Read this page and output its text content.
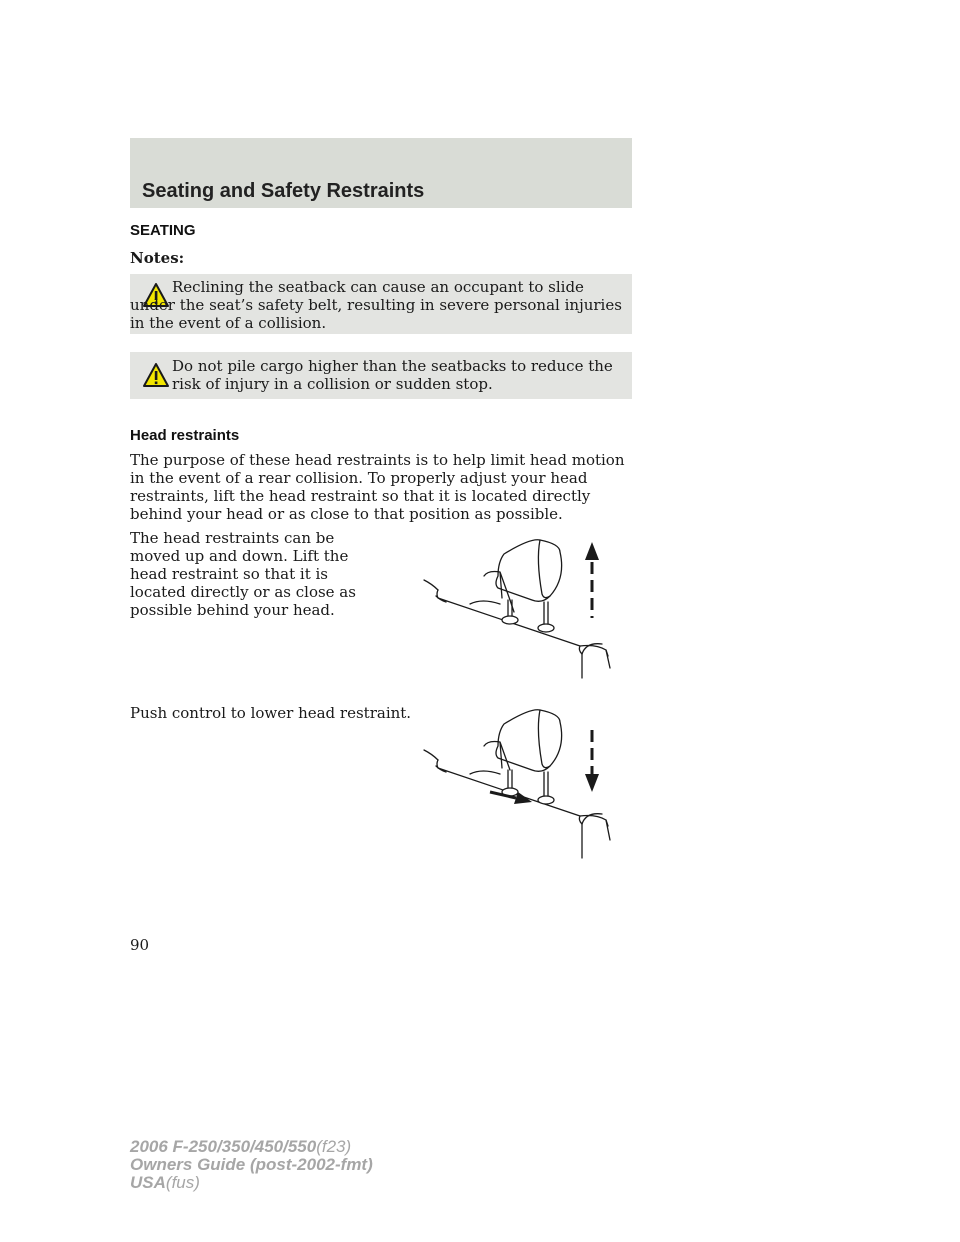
Seating and Safety Restraints
SEATING
Notes:
Reclining the seatback can cause an occupant to slide under the seat’s safety belt, resulting in severe personal injuries in the event of a collision.
Do not pile cargo higher than the seatbacks to reduce the risk of injury in a collision or sudden stop.
Head restraints
The purpose of these head restraints is to help limit head motion in the event of a rear collision. To properly adjust your head restraints, lift the head restraint so that it is located directly behind your head or as close to that position as possible.
The head restraints can be moved up and down. Lift the head restraint so that it is located directly or as close as possible behind your head.
Push control to lower head restraint.
90
2006 F-250/350/450/550(f23)
Owners Guide (post-2002-fmt)
USA(fus)
